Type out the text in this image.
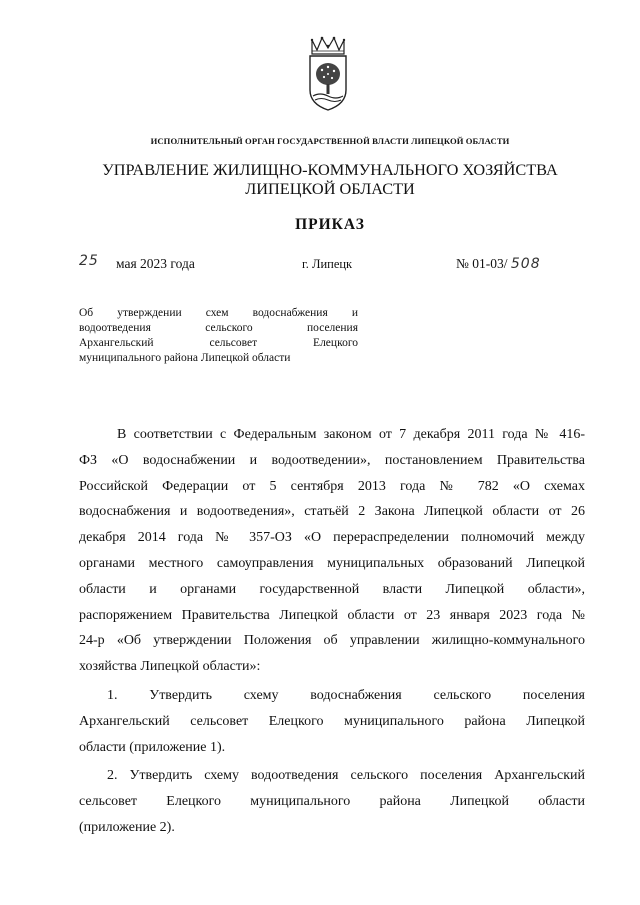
ИСПОЛНИТЕЛЬНЫЙ ОРГАН ГОСУДАРСТВЕННОЙ ВЛАСТИ ЛИПЕЦКОЙ ОБЛАСТИ
УПРАВЛЕНИЕ ЖИЛИЩНО-КОММУНАЛЬНОГО ХОЗЯЙСТВА
ЛИПЕЦКОЙ ОБЛАСТИ
ПРИКАЗ
25 мая 2023 года	г. Липецк	№ 01-03/ 508
Об утверждении схем водоснабжения и
водоотведения сельского поселения
Архангельский сельсовет Елецкого
муниципального района Липецкой области

В соответствии с Федеральным законом от 7 декабря 2011 года № 416-
ФЗ «О водоснабжении и водоотведении», постановлением Правительства
Российской Федерации от 5 сентября 2013 года № 782 «О схемах
водоснабжения и водоотведения», статьёй 2 Закона Липецкой области от 26
декабря 2014 года № 357-ОЗ «О перераспределении полномочий между
органами местного самоуправления муниципальных образований Липецкой
области и органами государственной власти Липецкой области»,
распоряжением Правительства Липецкой области от 23 января 2023 года №
24-р «Об утверждении Положения об управлении жилищно-коммунального
хозяйства Липецкой области»:

1. Утвердить схему водоснабжения сельского поселения
Архангельский сельсовет Елецкого муниципального района Липецкой
области (приложение 1).

2. Утвердить схему водоотведения сельского поселения Архангельский
сельсовет Елецкого муниципального района Липецкой области
(приложение 2).
